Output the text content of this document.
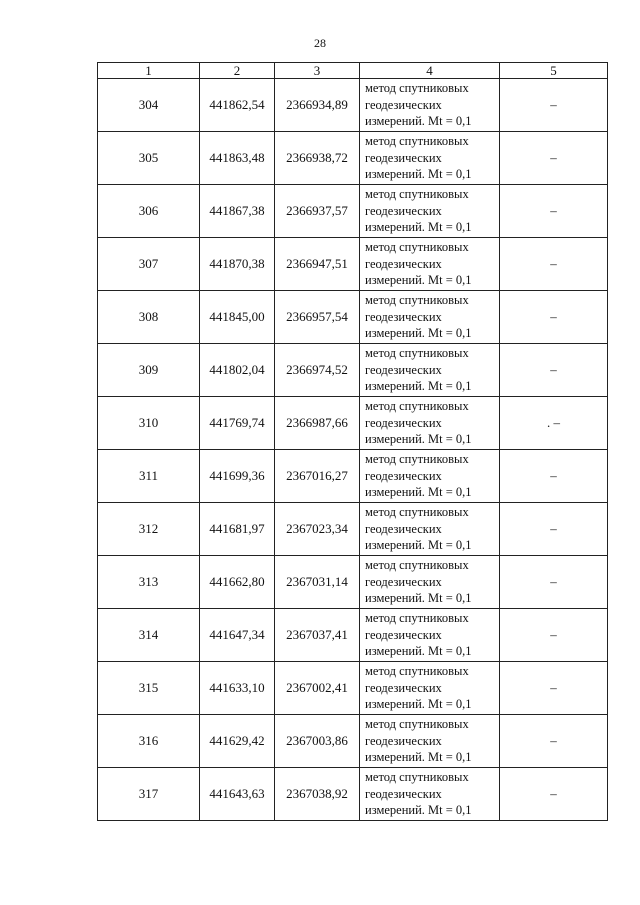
28
1	2	3	4	5
304	441862,54	2366934,89	метод спутниковых
геодезических
измерений. Mt = 0,1	–
305	441863,48	2366938,72	метод спутниковых
геодезических
измерений. Mt = 0,1	–
306	441867,38	2366937,57	метод спутниковых
геодезических
измерений. Mt = 0,1	–
307	441870,38	2366947,51	метод спутниковых
геодезических
измерений. Mt = 0,1	–
308	441845,00	2366957,54	метод спутниковых
геодезических
измерений. Mt = 0,1	–
309	441802,04	2366974,52	метод спутниковых
геодезических
измерений. Mt = 0,1	–
310	441769,74	2366987,66	метод спутниковых
геодезических
измерений. Mt = 0,1	. –
311	441699,36	2367016,27	метод спутниковых
геодезических
измерений. Mt = 0,1	–
312	441681,97	2367023,34	метод спутниковых
геодезических
измерений. Mt = 0,1	–
313	441662,80	2367031,14	метод спутниковых
геодезических
измерений. Mt = 0,1	–
314	441647,34	2367037,41	метод спутниковых
геодезических
измерений. Mt = 0,1	–
315	441633,10	2367002,41	метод спутниковых
геодезических
измерений. Mt = 0,1	–
316	441629,42	2367003,86	метод спутниковых
геодезических
измерений. Mt = 0,1	–
317	441643,63	2367038,92	метод спутниковых
геодезических
измерений. Mt = 0,1	–
